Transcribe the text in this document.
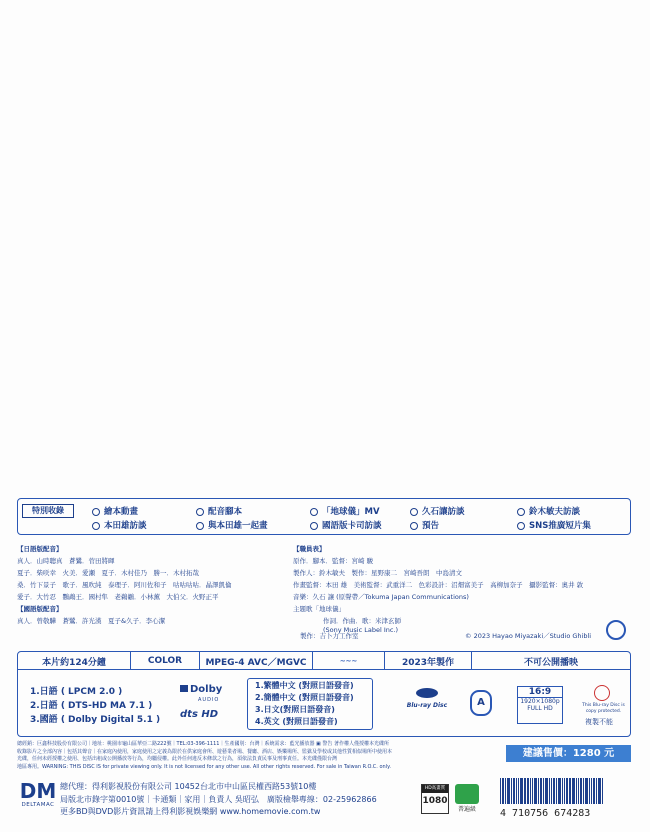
特別收錄	繪本動畫	配音腳本	「地球儀」MV	久石讓訪談	鈴木敏夫訪談
本田雄訪談	與本田雄一起畫	國語版卡司訪談	預告	SNS推廣短片集
【日語版配音】
真人．山時聰真　蒼鷺．菅田將暉
夏子．柴咲幸　火美．愛瀬　夏子．木村佳乃　勝一．木村拓哉
桑．竹下景子　歌子．風吹純　泰理子．阿川佐和子　咕咕咕咕．晶澤凱倫
愛子．大竹忍　鸚鵡王．國村隼　老鵜鶘．小林薰　大伯父．火野正平
【國語版配音】
真人．曾敬驊　蒼鷺．許光漢　夏子&久子．李心潔
【職員表】
原作．腳本．監督：宮崎 駿
製作人：鈴木敏夫　製作：星野康二　宮崎吾朗　中島清文
作畫監督：本田 雄　美術監督：武重洋二　色彩設計：沼畑富美子　高柳加奈子　攝影監督：奧井 敦
音樂：久石 讓 (原聲帶／Tokuma Japan Communications)
主題歌「地球儀」
作詞．作曲．歌：米津玄師
(Sony Music Label Inc.)
製作：吉卜力工作室	© 2023 Hayao Miyazaki／Studio Ghibli
本片約124分鐘	COLOR	MPEG-4 AVC／MGVC	~~~	2023年製作	不可公開播映
1.日語 ( LPCM 2.0 )
2.日語 ( DTS-HD MA 7.1 )
3.國語 ( Dolby Digital 5.1 )
Dolby
AUDIO
dts HD
1.繁體中文 (對照日語發音)
2.簡體中文 (對照日語發音)
3.日文(對照日語發音)
4.英文 (對照日語發音)
Blu-ray Disc	A
16:9
1920×1080p
FULL HD	This Blu-ray Disc is copy protected.
複製不能
總經銷：巨鑫科技股份有限公司｜地址：桃園市龜山區華亞二路222號｜TEL:03-396-1111｜生產國別：台灣｜系統需求：藍光播放器 ▣ 警告 著作權人僅授權本光碟所
收錄影片之全部內容｜包括其聲音｜在家庭內使用，家庭使用之定義為限於在供家庭會所、遊藝業者場、餐廳、酒店、娛樂場所、監獄及學校或其他性質相似場所中使用本
光碟，任何未經授權之使用、包括出租或公開播放等行為，均屬侵權。此外任何違反本條款之行為，須依法負責民事及刑事責任。本光碟僅限台灣
地區專用。WARNING: THIS DISC IS for private viewing only. It is not licensed for any other use. All other rights reserved. For sale in Taiwan R.O.C. only.
建議售價：1280 元
DM
DELTAMAC
總代理：得利影視股份有限公司 10452台北市中山區民權西路53號10樓
局版北市錄字第0010號｜卡通類｜家用｜負責人 吳昭弘　廣版檢舉專線：02-25962866
更多BD與DVD影片資訊請上得利影視娛樂網 www.homemovie.com.tw
HD高畫質
1080
普遍級	4 710756 674283
